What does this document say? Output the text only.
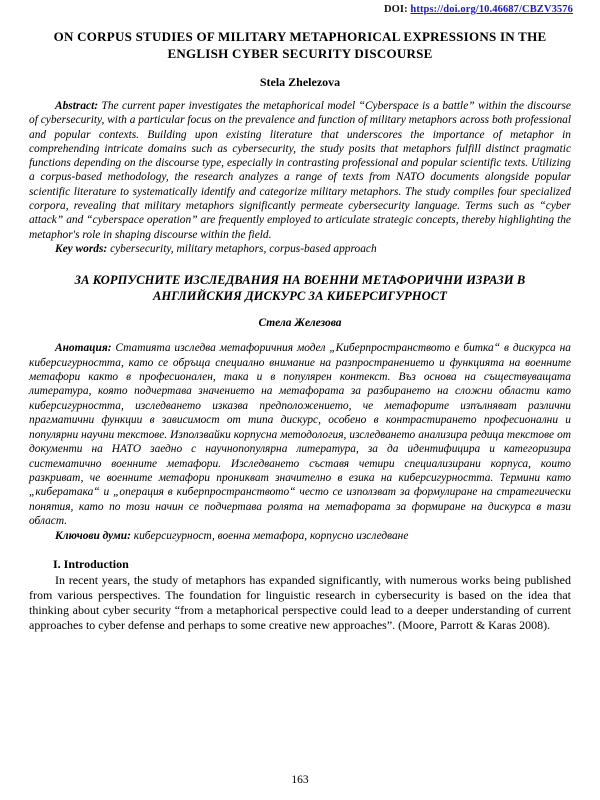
DOI: https://doi.org/10.46687/CBZV3576
ON CORPUS STUDIES OF MILITARY METAPHORICAL EXPRESSIONS IN THE ENGLISH CYBER SECURITY DISCOURSE
Stela Zhelezova

Abstract: The current paper investigates the metaphorical model “Cyberspace is a battle” within the discourse of cybersecurity, with a particular focus on the prevalence and function of military metaphors across both professional and popular contexts. Building upon existing literature that underscores the importance of metaphor in comprehending intricate domains such as cybersecurity, the study posits that metaphors fulfill distinct pragmatic functions depending on the discourse type, especially in contrasting professional and popular scientific texts. Utilizing a corpus-based methodology, the research analyzes a range of texts from NATO documents alongside popular scientific literature to systematically identify and categorize military metaphors. The study compiles four specialized corpora, revealing that military metaphors significantly permeate cybersecurity language. Terms such as “cyber attack” and “cyberspace operation” are frequently employed to articulate strategic concepts, thereby highlighting the metaphor's role in shaping discourse within the field.

Key words: cybersecurity, military metaphors, corpus-based approach

ЗА КОРПУСНИТЕ ИЗСЛЕДВАНИЯ НА ВОЕННИ МЕТАФОРИЧНИ ИЗРАЗИ В АНГЛИЙСКИЯ ДИСКУРС ЗА КИБЕРСИГУРНОСТ
Стела Железова

Анотация: Статията изследва метафоричния модел „Киберпространството е битка“ в дискурса на киберсигурността, като се обръща специално внимание на разпространението и функцията на военните метафори както в професионален, така и в популярен контекст. Въз основа на съществуващата литература, която подчертава значението на метафората за разбирането на сложни области като киберсигурността, изследването изказва предположението, че метафорите изпълняват различни прагматични функции в зависимост от типа дискурс, особено в контрастирането професионални и популярни научни текстове. Използвайки корпусна методология, изследването анализира редица текстове от документи на НАТО заедно с научнопопулярна литература, за да идентифицира и категоризира систематично военните метафори. Изследването съставя четири специализирани корпуса, които разкриват, че военните метафори проникват значително в езика на киберсигурността. Термини като „кибератака“ и „операция в киберпространството“ често се използват за формулиране на стратегически понятия, като по този начин се подчертава ролята на метафората за формиране на дискурса в тази област.

Ключови думи: киберсигурност, военна метафора, корпусно изследване

I. Introduction

In recent years, the study of metaphors has expanded significantly, with numerous works being published from various perspectives. The foundation for linguistic research in cybersecurity is based on the idea that thinking about cyber security “from a metaphorical perspective could lead to a deeper understanding of current approaches to cyber defense and perhaps to some creative new approaches”. (Moore, Parrott & Karas 2008).

163
